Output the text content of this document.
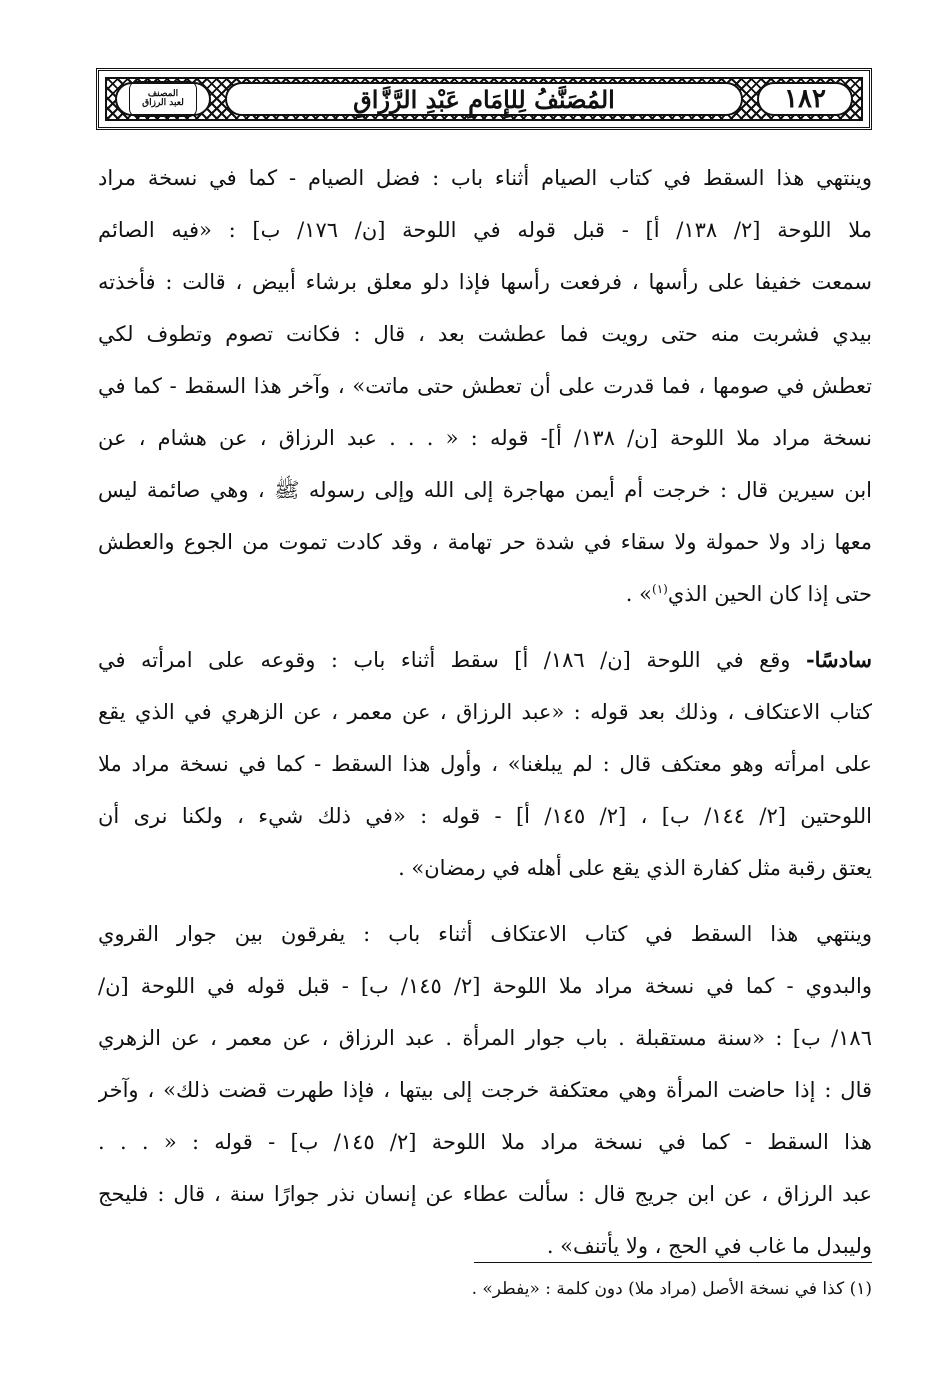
١٨٢
المُصَنَّفُ لِلإِمَامِ عَبْدِ الرَّزَّاقِ
المصنف
لعبد الرزاق
وينتهي هذا السقط في كتاب الصيام أثناء باب : فضل الصيام - كما في نسخة مراد
ملا اللوحة [٢/ ١٣٨/ أ] - قبل قوله في اللوحة [ن/ ١٧٦/ ب] : «فيه الصائم
سمعت خفيفا على رأسها ، فرفعت رأسها فإذا دلو معلق برشاء أبيض ، قالت : فأخذته
بيدي فشربت منه حتى رويت فما عطشت بعد ، قال : فكانت تصوم وتطوف لكي
تعطش في صومها ، فما قدرت على أن تعطش حتى ماتت» ، وآخر هذا السقط - كما في
نسخة مراد ملا اللوحة [ن/ ١٣٨/ أ]- قوله : « . . . عبد الرزاق ، عن هشام ، عن
ابن سيرين قال : خرجت أم أيمن مهاجرة إلى الله وإلى رسوله ﷺ ، وهي صائمة ليس
معها زاد ولا حمولة ولا سقاء في شدة حر تهامة ، وقد كادت تموت من الجوع والعطش
حتى إذا كان الحين الذي$^{(١)}$» .
سادسًا- وقع في اللوحة [ن/ ١٨٦/ أ] سقط أثناء باب : وقوعه على امرأته في
كتاب الاعتكاف ، وذلك بعد قوله : «عبد الرزاق ، عن معمر ، عن الزهري في الذي يقع
على امرأته وهو معتكف قال : لم يبلغنا» ، وأول هذا السقط - كما في نسخة مراد ملا
اللوحتين [٢/ ١٤٤/ ب] ، [٢/ ١٤٥/ أ] - قوله : «في ذلك شيء ، ولكنا نرى أن
يعتق رقبة مثل كفارة الذي يقع على أهله في رمضان» .
وينتهي هذا السقط في كتاب الاعتكاف أثناء باب : يفرقون بين جوار القروي
والبدوي - كما في نسخة مراد ملا اللوحة [٢/ ١٤٥/ ب] - قبل قوله في اللوحة [ن/
١٨٦/ ب] : «سنة مستقبلة . باب جوار المرأة . عبد الرزاق ، عن معمر ، عن الزهري
قال : إذا حاضت المرأة وهي معتكفة خرجت إلى بيتها ، فإذا طهرت قضت ذلك» ، وآخر
هذا السقط - كما في نسخة مراد ملا اللوحة [٢/ ١٤٥/ ب] - قوله : « . . .
عبد الرزاق ، عن ابن جريج قال : سألت عطاء عن إنسان نذر جوارًا سنة ، قال : فليحج
وليبدل ما غاب في الحج ، ولا يأتنف» .
(١) كذا في نسخة الأصل (مراد ملا) دون كلمة : «يفطر» .
